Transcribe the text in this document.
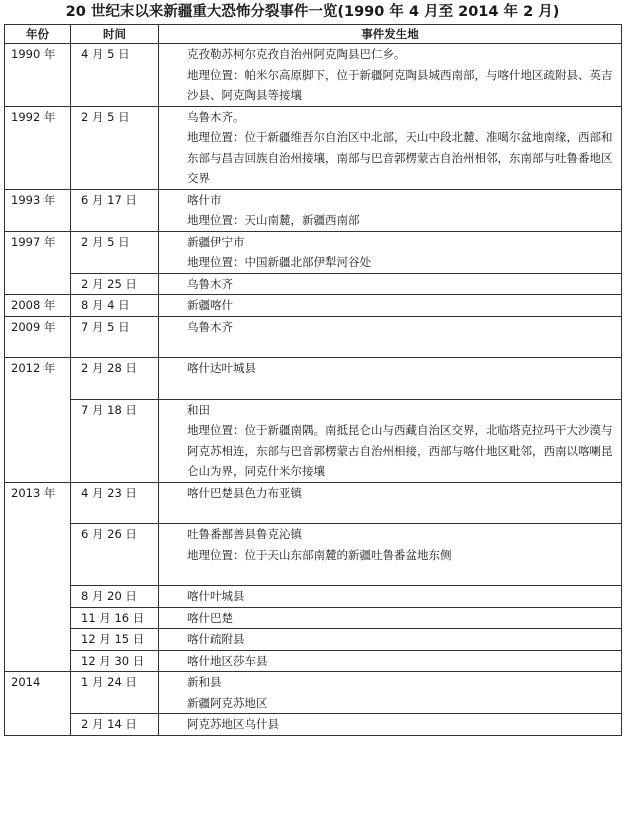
20 世纪末以来新疆重大恐怖分裂事件一览(1990 年 4 月至 2014 年 2 月)
年份	时间	事件发生地
1990 年	4 月 5 日	克孜勒苏柯尔克孜自治州阿克陶县巴仁乡。
地理位置：帕米尔高原脚下，位于新疆阿克陶县城西南部，与喀什地区疏附县、英吉沙县、阿克陶县等接壤

1992 年	2 月 5 日	乌鲁木齐。
地理位置：位于新疆维吾尔自治区中北部，天山中段北麓、准噶尔盆地南缘，西部和东部与昌吉回族自治州接壤，南部与巴音郭楞蒙古自治州相邻，东南部与吐鲁番地区交界

1993 年	6 月 17 日	喀什市
地理位置：天山南麓，新疆西南部

1997 年	2 月 5 日	新疆伊宁市
地理位置：中国新疆北部伊犁河谷处

	2 月 25 日	乌鲁木齐

2008 年	8 月 4 日	新疆喀什

2009 年	7 月 5 日	乌鲁木齐

2012 年	2 月 28 日	喀什达叶城县

	7 月 18 日	和田
地理位置：位于新疆南隅。南抵昆仑山与西藏自治区交界，北临塔克拉玛干大沙漠与阿克苏相连，东部与巴音郭楞蒙古自治州相接，西部与喀什地区毗邻，西南以喀喇昆仑山为界，同克什米尔接壤

2013 年	4 月 23 日	喀什巴楚县色力布亚镇

	6 月 26 日	吐鲁番鄯善县鲁克沁镇
地理位置：位于天山东部南麓的新疆吐鲁番盆地东侧

	8 月 20 日	喀什叶城县

	11 月 16 日	喀什巴楚

	12 月 15 日	喀什疏附县

	12 月 30 日	喀什地区莎车县

2014	1 月 24 日	新和县
新疆阿克苏地区

	2 月 14 日	阿克苏地区乌什县
